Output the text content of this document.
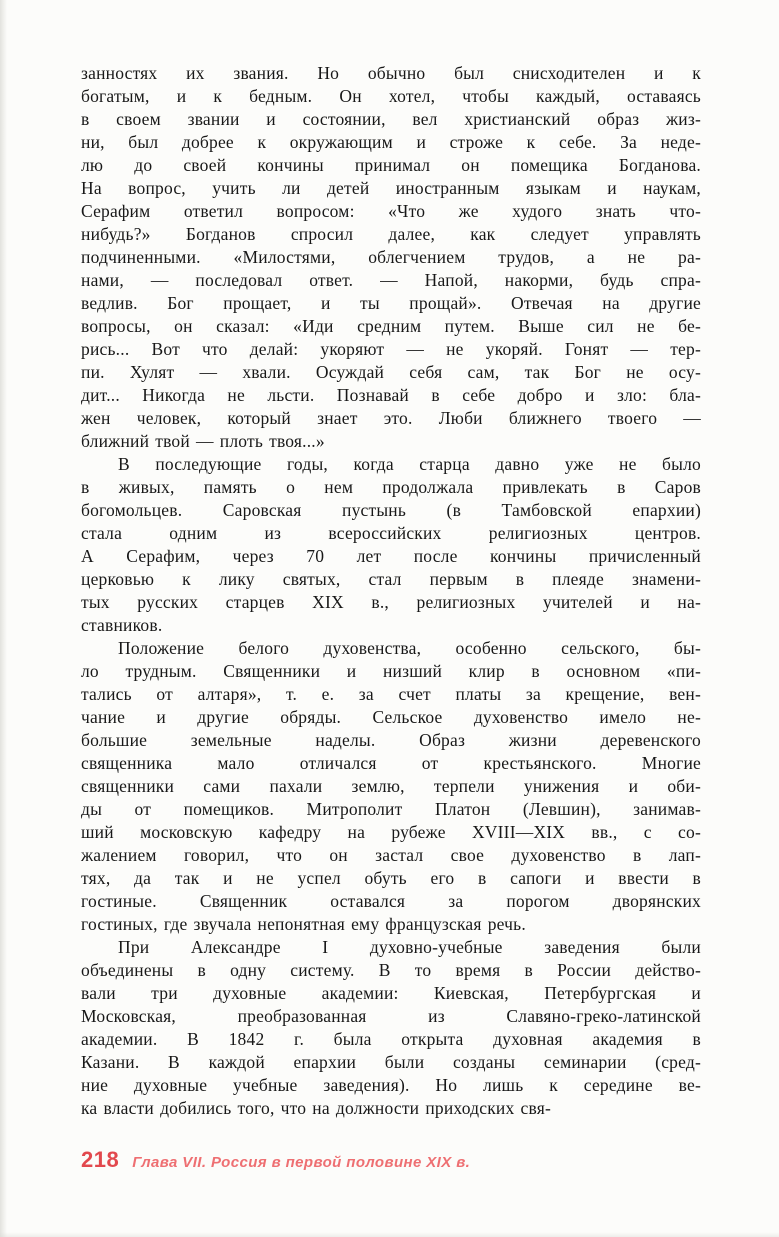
занностях их звания. Но обычно был снисходителен и к
богатым, и к бедным. Он хотел, чтобы каждый, оставаясь
в своем звании и состоянии, вел христианский образ жиз-
ни, был добрее к окружающим и строже к себе. За неде-
лю до своей кончины принимал он помещика Богданова.
На вопрос, учить ли детей иностранным языкам и наукам,
Серафим ответил вопросом: «Что же худого знать что-
нибудь?» Богданов спросил далее, как следует управлять
подчиненными. «Милостями, облегчением трудов, а не ра-
нами, — последовал ответ. — Напой, накорми, будь спра-
ведлив. Бог прощает, и ты прощай». Отвечая на другие
вопросы, он сказал: «Иди средним путем. Выше сил не бе-
рись... Вот что делай: укоряют — не укоряй. Гонят — тер-
пи. Хулят — хвали. Осуждай себя сам, так Бог не осу-
дит... Никогда не льсти. Познавай в себе добро и зло: бла-
жен человек, который знает это. Люби ближнего твоего —
ближний твой — плоть твоя...»

В последующие годы, когда старца давно уже не было
в живых, память о нем продолжала привлекать в Саров
богомольцев. Саровская пустынь (в Тамбовской епархии)
стала одним из всероссийских религиозных центров.
А Серафим, через 70 лет после кончины причисленный
церковью к лику святых, стал первым в плеяде знамени-
тых русских старцев XIX в., религиозных учителей и на-
ставников.

Положение белого духовенства, особенно сельского, бы-
ло трудным. Священники и низший клир в основном «пи-
тались от алтаря», т. е. за счет платы за крещение, вен-
чание и другие обряды. Сельское духовенство имело не-
большие земельные наделы. Образ жизни деревенского
священника мало отличался от крестьянского. Многие
священники сами пахали землю, терпели унижения и оби-
ды от помещиков. Митрополит Платон (Левшин), занимав-
ший московскую кафедру на рубеже XVIII—XIX вв., с со-
жалением говорил, что он застал свое духовенство в лап-
тях, да так и не успел обуть его в сапоги и ввести в
гостиные. Священник оставался за порогом дворянских
гостиных, где звучала непонятная ему французская речь.

При Александре I духовно-учебные заведения были
объединены в одну систему. В то время в России действо-
вали три духовные академии: Киевская, Петербургская и
Московская, преобразованная из Славяно-греко-латинской
академии. В 1842 г. была открыта духовная академия в
Казани. В каждой епархии были созданы семинарии (сред-
ние духовные учебные заведения). Но лишь к середине ве-
ка власти добились того, что на должности приходских свя-

218 Глава VII. Россия в первой половине XIX в.
